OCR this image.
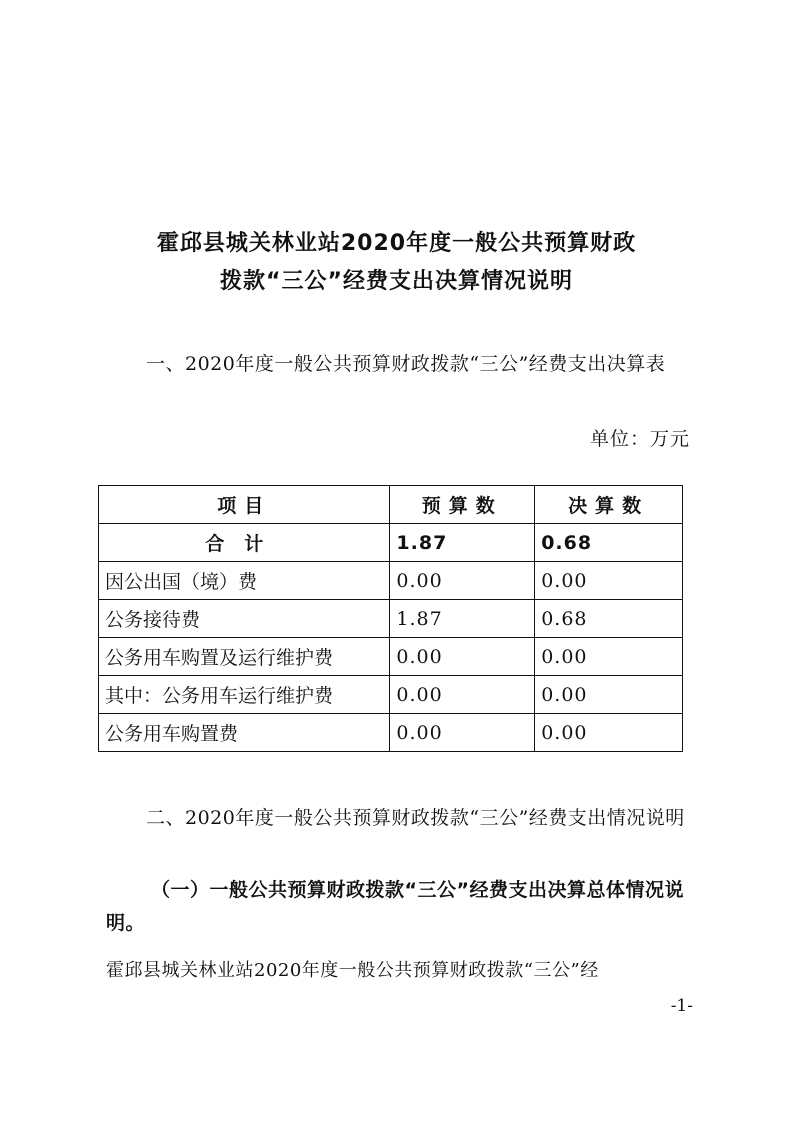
霍邱县城关林业站2020年度一般公共预算财政
拨款“三公”经费支出决算情况说明

一、2020年度一般公共预算财政拨款“三公”经费支出决算表

单位：万元
项目	预算数	决算数
合计	1.87	0.68
因公出国（境）费	0.00	0.00
公务接待费	1.87	0.68
公务用车购置及运行维护费	0.00	0.00
其中：公务用车运行维护费	0.00	0.00
公务用车购置费	0.00	0.00

二、2020年度一般公共预算财政拨款“三公”经费支出情况说明

（一）一般公共预算财政拨款“三公”经费支出决算总体情况说明。

霍邱县城关林业站2020年度一般公共预算财政拨款“三公”经

-1-
